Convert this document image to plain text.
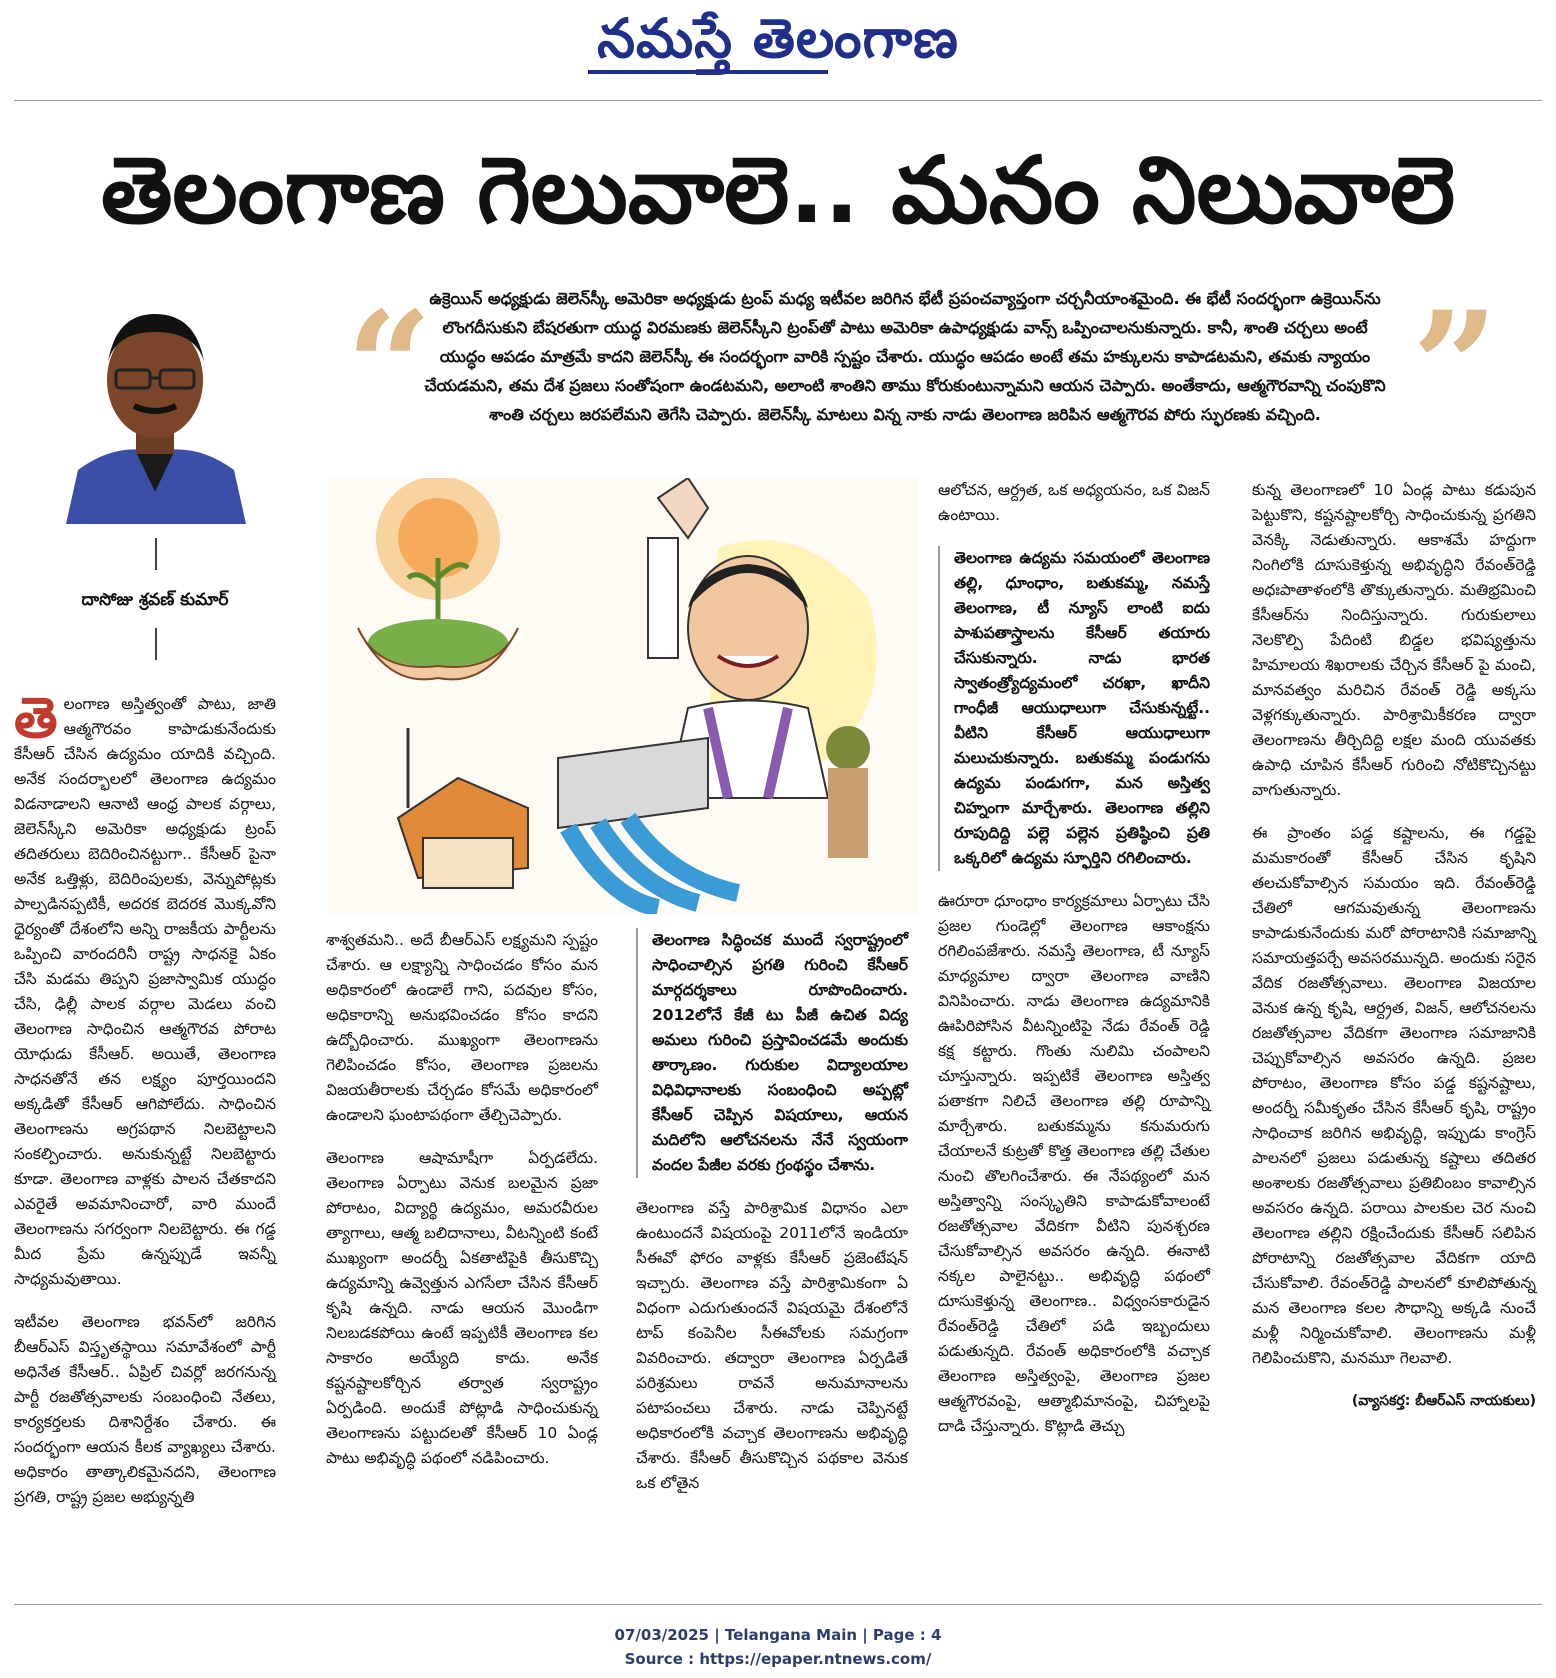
నమస్తే తెలంగాణ
తెలంగాణ గెలువాలె.. మనం నిలువాలె
దాసోజు శ్రవణ్ కుమార్
“	”
ఉక్రెయిన్ అధ్యక్షుడు జెలెన్‌స్కీ అమెరికా అధ్యక్షుడు ట్రంప్ మధ్య ఇటీవల జరిగిన భేటీ ప్రపంచవ్యాప్తంగా చర్చనీయాంశమైంది. ఈ భేటీ సందర్భంగా ఉక్రెయిన్‌ను లొంగదీసుకుని బేషరతుగా యుద్ధ విరమణకు జెలెన్‌స్కీని ట్రంప్‌తో పాటు అమెరికా ఉపాధ్యక్షుడు వాన్స్ ఒప్పించాలనుకున్నారు. కానీ, శాంతి చర్చలు అంటే యుద్ధం ఆపడం మాత్రమే కాదని జెలెన్‌స్కీ ఈ సందర్భంగా వారికి స్పష్టం చేశారు. యుద్ధం ఆపడం అంటే తమ హక్కులను కాపాడటమని, తమకు న్యాయం చేయడమని, తమ దేశ ప్రజలు సంతోషంగా ఉండటమని, అలాంటి శాంతిని తాము కోరుకుంటున్నామని ఆయన చెప్పారు. అంతేకాదు, ఆత్మగౌరవాన్ని చంపుకొని శాంతి చర్చలు జరపలేమని తెగేసి చెప్పారు. జెలెన్‌స్కీ మాటలు విన్న నాకు నాడు తెలంగాణ జరిపిన ఆత్మగౌరవ పోరు స్ఫురణకు వచ్చింది.

తెలంగాణ అస్తిత్వంతో పాటు, జాతి ఆత్మగౌరవం కాపాడుకునేందుకు కేసీఆర్ చేసిన ఉద్యమం యాదికి వచ్చింది. అనేక సందర్భాలలో తెలంగాణ ఉద్యమం విడనాడాలని ఆనాటి ఆంధ్ర పాలక వర్గాలు, జెలెన్‌స్కీని అమెరికా అధ్యక్షుడు ట్రంప్ తదితరులు బెదిరించినట్టుగా.. కేసీఆర్ పైనా అనేక ఒత్తిళ్లు, బెదిరింపులకు, వెన్నుపోట్లకు పాల్పడినప్పటికీ, అదరక బెదరక మొక్కవోని ధైర్యంతో దేశంలోని అన్ని రాజకీయ పార్టీలను ఒప్పించి వారందరినీ రాష్ట్ర సాధనకై ఏకం చేసి మడమ తిప్పని ప్రజాస్వామిక యుద్ధం చేసి, ఢిల్లీ పాలక వర్గాల మెడలు వంచి తెలంగాణ సాధించిన ఆత్మగౌరవ పోరాట యోధుడు కేసీఆర్. అయితే, తెలంగాణ సాధనతోనే తన లక్ష్యం పూర్తయిందని అక్కడితో కేసీఆర్ ఆగిపోలేదు. సాధించిన తెలంగాణను అగ్రపథాన నిలబెట్టాలని సంకల్పించారు. అనుకున్నట్టే నిలబెట్టారు కూడా. తెలంగాణ వాళ్లకు పాలన చేతకాదని ఎవరైతే అవమానించారో, వారి ముందే తెలంగాణను సగర్వంగా నిలబెట్టారు. ఈ గడ్డ మీద ప్రేమ ఉన్నప్పుడే ఇవన్నీ సాధ్యమవుతాయి.

ఇటీవల తెలంగాణ భవన్‌లో జరిగిన బీఆర్‌ఎస్ విస్తృతస్థాయి సమావేశంలో పార్టీ అధినేత కేసీఆర్.. ఏప్రిల్ చివర్లో జరగనున్న పార్టీ రజతోత్సవాలకు సంబంధించి నేతలు, కార్యకర్తలకు దిశానిర్దేశం చేశారు. ఈ సందర్భంగా ఆయన కీలక వ్యాఖ్యలు చేశారు. అధికారం తాత్కాలికమైనదని, తెలంగాణ ప్రగతి, రాష్ట్ర ప్రజల అభ్యున్నతి

శాశ్వతమని.. అదే బీఆర్‌ఎస్ లక్ష్యమని స్పష్టం చేశారు. ఆ లక్ష్యాన్ని సాధించడం కోసం మన అధికారంలో ఉండాలే గాని, పదవుల కోసం, అధికారాన్ని అనుభవించడం కోసం కాదని ఉద్బోధించారు. ముఖ్యంగా తెలంగాణను గెలిపించడం కోసం, తెలంగాణ ప్రజలను విజయతీరాలకు చేర్చడం కోసమే అధికారంలో ఉండాలని ఘంటాపథంగా తేల్చిచెప్పారు.

తెలంగాణ ఆషామాషీగా ఏర్పడలేదు. తెలంగాణ ఏర్పాటు వెనుక బలమైన ప్రజా పోరాటం, విద్యార్థి ఉద్యమం, అమరవీరుల త్యాగాలు, ఆత్మ బలిదానాలు, వీటన్నింటి కంటే ముఖ్యంగా అందర్నీ ఏకతాటిపైకి తీసుకొచ్చి ఉద్యమాన్ని ఉవ్వెత్తున ఎగసేలా చేసిన కేసీఆర్ కృషి ఉన్నది. నాడు ఆయన మొండిగా నిలబడకపోయి ఉంటే ఇప్పటికీ తెలంగాణ కల సాకారం అయ్యేది కాదు. అనేక కష్టనష్టాలకోర్చిన తర్వాత స్వరాష్ట్రం ఏర్పడింది. అందుకే పోట్లాడి సాధించుకున్న తెలంగాణను పట్టుదలతో కేసీఆర్ 10 ఏండ్ల పాటు అభివృద్ధి పథంలో నడిపించారు.

తెలంగాణ సిద్ధించక ముందే స్వరాష్ట్రంలో సాధించాల్సిన ప్రగతి గురించి కేసీఆర్ మార్గదర్శకాలు రూపొందించారు. 2012లోనే కేజీ టు పీజీ ఉచిత విద్య అమలు గురించి ప్రస్తావించడమే అందుకు తార్కాణం. గురుకుల విద్యాలయాల విధివిధానాలకు సంబంధించి అప్పట్లో కేసీఆర్ చెప్పిన విషయాలు, ఆయన మదిలోని ఆలోచనలను నేనే స్వయంగా వందల పేజీల వరకు గ్రంథస్థం చేశాను.

తెలంగాణ వస్తే పారిశ్రామిక విధానం ఎలా ఉంటుందనే విషయంపై 2011లోనే ఇండియా సీఈవో ఫోరం వాళ్లకు కేసీఆర్ ప్రజెంటేషన్ ఇచ్చారు. తెలంగాణ వస్తే పారిశ్రామికంగా ఏ విధంగా ఎదుగుతుందనే విషయమై దేశంలోనే టాప్ కంపెనీల సీఈవోలకు సమగ్రంగా వివరించారు. తద్వారా తెలంగాణ ఏర్పడితే పరిశ్రమలు రావనే అనుమానాలను పటాపంచలు చేశారు. నాడు చెప్పినట్టే అధికారంలోకి వచ్చాక తెలంగాణను అభివృద్ధి చేశారు. కేసీఆర్ తీసుకొచ్చిన పథకాల వెనుక ఒక లోతైన

ఆలోచన, ఆర్ద్రత, ఒక అధ్యయనం, ఒక విజన్ ఉంటాయి.

తెలంగాణ ఉద్యమ సమయంలో తెలంగాణ తల్లి, ధూంధాం, బతుకమ్మ, నమస్తే తెలంగాణ, టీ న్యూస్ లాంటి ఐదు పాశుపతాస్త్రాలను కేసీఆర్ తయారు చేసుకున్నారు. నాడు భారత స్వాతంత్ర్యోద్యమంలో చరఖా, ఖాదీని గాంధీజీ ఆయుధాలుగా చేసుకున్నట్టే.. వీటిని కేసీఆర్ ఆయుధాలుగా మలుచుకున్నారు. బతుకమ్మ పండుగను ఉద్యమ పండుగగా, మన అస్తిత్వ చిహ్నంగా మార్చేశారు. తెలంగాణ తల్లిని రూపుదిద్ది పల్లె పల్లెన ప్రతిష్ఠించి ప్రతి ఒక్కరిలో ఉద్యమ స్ఫూర్తిని రగిలించారు.

ఊరూరా ధూంధాం కార్యక్రమాలు ఏర్పాటు చేసి ప్రజల గుండెల్లో తెలంగాణ ఆకాంక్షను రగిలింపజేశారు. నమస్తే తెలంగాణ, టీ న్యూస్ మాధ్యమాల ద్వారా తెలంగాణ వాణిని వినిపించారు. నాడు తెలంగాణ ఉద్యమానికి ఊపిరిపోసిన వీటన్నింటిపై నేడు రేవంత్ రెడ్డి కక్ష కట్టారు. గొంతు నులిమి చంపాలని చూస్తున్నారు. ఇప్పటికే తెలంగాణ అస్తిత్వ పతాకగా నిలిచే తెలంగాణ తల్లి రూపాన్ని మార్చేశారు. బతుకమ్మను కనుమరుగు చేయాలనే కుట్రతో కొత్త తెలంగాణ తల్లి చేతుల నుంచి తొలగించేశారు. ఈ నేపథ్యంలో మన అస్తిత్వాన్ని సంస్కృతిని కాపాడుకోవాలంటే రజతోత్సవాల వేదికగా వీటిని పునశ్చరణ చేసుకోవాల్సిన అవసరం ఉన్నది. ఈనాటి నక్కల పాలైనట్టు.. అభివృద్ధి పథంలో దూసుకెళ్తున్న తెలంగాణ.. విధ్వంసకారుడైన రేవంత్‌రెడ్డి చేతిలో పడి ఇబ్బందులు పడుతున్నది. రేవంత్ అధికారంలోకి వచ్చాక తెలంగాణ అస్తిత్వంపై, తెలంగాణ ప్రజల ఆత్మగౌరవంపై, ఆత్మాభిమానంపై, చిహ్నాలపై దాడి చేస్తున్నారు. కొట్లాడి తెచ్చు

కున్న తెలంగాణలో 10 ఏండ్ల పాటు కడుపున పెట్టుకొని, కష్టనష్టాలకోర్చి సాధించుకున్న ప్రగతిని వెనక్కి నెడుతున్నారు. ఆకాశమే హద్దుగా నింగిలోకి దూసుకెళ్తున్న అభివృద్ధిని రేవంత్‌రెడ్డి అధఃపాతాళంలోకి తొక్కుతున్నారు. మతిభ్రమించి కేసీఆర్‌ను నిందిస్తున్నారు. గురుకులాలు నెలకొల్పి పేదింటి బిడ్డల భవిష్యత్తును హిమాలయ శిఖరాలకు చేర్చిన కేసీఆర్ పై మంచి, మానవత్వం మరిచిన రేవంత్ రెడ్డి అక్కసు వెళ్లగక్కుతున్నారు. పారిశ్రామికీకరణ ద్వారా తెలంగాణను తీర్చిదిద్ది లక్షల మంది యువతకు ఉపాధి చూపిన కేసీఆర్ గురించి నోటికొచ్చినట్టు వాగుతున్నారు.

ఈ ప్రాంతం పడ్డ కష్టాలను, ఈ గడ్డపై మమకారంతో కేసీఆర్ చేసిన కృషిని తలచుకోవాల్సిన సమయం ఇది. రేవంత్‌రెడ్డి చేతిలో ఆగమవుతున్న తెలంగాణను కాపాడుకునేందుకు మరో పోరాటానికి సమాజాన్ని సమాయత్తపర్చే అవసరమున్నది. అందుకు సరైన వేదిక రజతోత్సవాలు. తెలంగాణ విజయాల వెనుక ఉన్న కృషి, ఆర్ద్రత, విజన్, ఆలోచనలను రజతోత్సవాల వేదికగా తెలంగాణ సమాజానికి చెప్పుకోవాల్సిన అవసరం ఉన్నది. ప్రజల పోరాటం, తెలంగాణ కోసం పడ్డ కష్టనష్టాలు, అందర్నీ సమీకృతం చేసిన కేసీఆర్ కృషి, రాష్ట్రం సాధించాక జరిగిన అభివృద్ధి, ఇప్పుడు కాంగ్రెస్ పాలనలో ప్రజలు పడుతున్న కష్టాలు తదితర అంశాలకు రజతోత్సవాలు ప్రతిబింబం కావాల్సిన అవసరం ఉన్నది. పరాయి పాలకుల చెర నుంచి తెలంగాణ తల్లిని రక్షించేందుకు కేసీఆర్ సలిపిన పోరాటాన్ని రజతోత్సవాల వేదికగా యాది చేసుకోవాలి. రేవంత్‌రెడ్డి పాలనలో కూలిపోతున్న మన తెలంగాణ కలల సౌధాన్ని అక్కడి నుంచే మళ్లీ నిర్మించుకోవాలి. తెలంగాణను మళ్లీ గెలిపించుకొని, మనమూ గెలవాలి.

(వ్యాసకర్త: బీఆర్‌ఎస్ నాయకులు)
07/03/2025 | Telangana Main | Page : 4
Source : https://epaper.ntnews.com/
